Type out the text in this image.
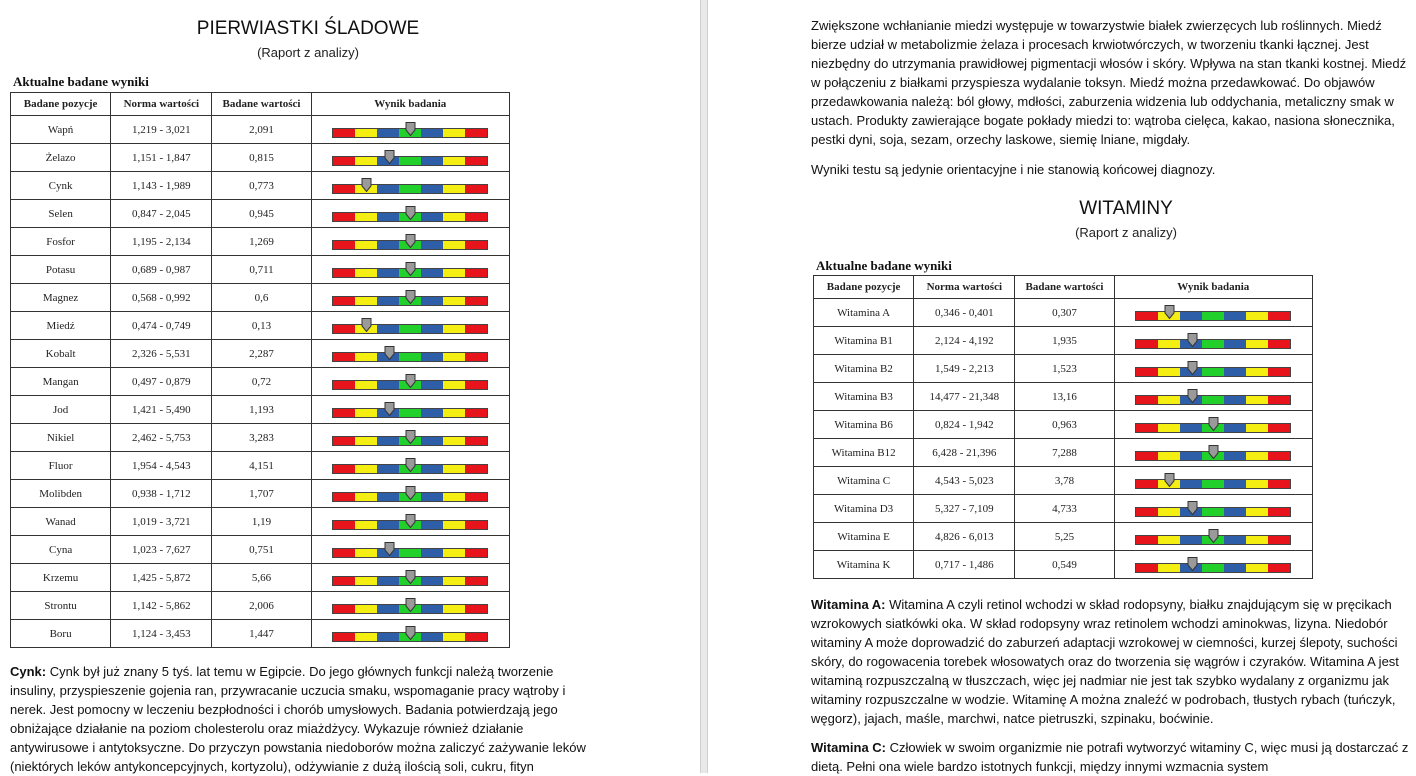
PIERWIASTKI ŚLADOWE
(Raport z analizy)
Aktualne badane wyniki
Badane pozycje	Norma wartości	Badane wartości	Wynik badania
Wapń	1,219 - 3,021	2,091	

Żelazo	1,151 - 1,847	0,815	

Cynk	1,143 - 1,989	0,773	

Selen	0,847 - 2,045	0,945	

Fosfor	1,195 - 2,134	1,269	

Potasu	0,689 - 0,987	0,711	

Magnez	0,568 - 0,992	0,6	

Miedź	0,474 - 0,749	0,13	

Kobalt	2,326 - 5,531	2,287	

Mangan	0,497 - 0,879	0,72	

Jod	1,421 - 5,490	1,193	

Nikiel	2,462 - 5,753	3,283	

Fluor	1,954 - 4,543	4,151	

Molibden	0,938 - 1,712	1,707	

Wanad	1,019 - 3,721	1,19	

Cyna	1,023 - 7,627	0,751	

Krzemu	1,425 - 5,872	5,66	

Strontu	1,142 - 5,862	2,006	

Boru	1,124 - 3,453	1,447	
Cynk: Cynk był już znany 5 tyś. lat temu w Egipcie. Do jego głównych funkcji należą tworzenie insuliny, przyspieszenie gojenia ran, przywracanie uczucia smaku, wspomaganie pracy wątroby i nerek. Jest pomocny w leczeniu bezpłodności i chorób umysłowych. Badania potwierdzają jego obniżające działanie na poziom cholesterolu oraz miażdżycy. Wykazuje również działanie antywirusowe i antytoksyczne. Do przyczyn powstania niedoborów można zaliczyć zażywanie leków (niektórych leków antykoncepcyjnych, kortyzolu), odżywianie z dużą ilością soli, cukru, fityn
Zwiększone wchłanianie miedzi występuje w towarzystwie białek zwierzęcych lub roślinnych. Miedź bierze udział w metabolizmie żelaza i procesach krwiotwórczych, w tworzeniu tkanki łącznej. Jest niezbędny do utrzymania prawidłowej pigmentacji włosów i skóry. Wpływa na stan tkanki kostnej. Miedź w połączeniu z białkami przyspiesza wydalanie toksyn. Miedź można przedawkować. Do objawów przedawkowania należą: ból głowy, mdłości, zaburzenia widzenia lub oddychania, metaliczny smak w ustach. Produkty zawierające bogate pokłady miedzi to: wątroba cielęca, kakao, nasiona słonecznika, pestki dyni, soja, sezam, orzechy laskowe, siemię lniane, migdały.
Wyniki testu są jedynie orientacyjne i nie stanowią końcowej diagnozy.
WITAMINY
(Raport z analizy)
Aktualne badane wyniki
Badane pozycje	Norma wartości	Badane wartości	Wynik badania
Witamina A	0,346 - 0,401	0,307	

Witamina B1	2,124 - 4,192	1,935	

Witamina B2	1,549 - 2,213	1,523	

Witamina B3	14,477 - 21,348	13,16	

Witamina B6	0,824 - 1,942	0,963	

Witamina B12	6,428 - 21,396	7,288	

Witamina C	4,543 - 5,023	3,78	

Witamina D3	5,327 - 7,109	4,733	

Witamina E	4,826 - 6,013	5,25	

Witamina K	0,717 - 1,486	0,549	
Witamina A: Witamina A czyli retinol wchodzi w skład rodopsyny, białku znajdującym się w pręcikach wzrokowych siatkówki oka. W skład rodopsyny wraz retinolem wchodzi aminokwas, lizyna. Niedobór witaminy A może doprowadzić do zaburzeń adaptacji wzrokowej w ciemności, kurzej ślepoty, suchości skóry, do rogowacenia torebek włosowatych oraz do tworzenia się wągrów i czyraków. Witamina A jest witaminą rozpuszczalną w tłuszczach, więc jej nadmiar nie jest tak szybko wydalany z organizmu jak witaminy rozpuszczalne w wodzie. Witaminę A można znaleźć w podrobach, tłustych rybach (tuńczyk, węgorz), jajach, maśle, marchwi, natce pietruszki, szpinaku, boćwinie.
Witamina C: Człowiek w swoim organizmie nie potrafi wytworzyć witaminy C, więc musi ją dostarczać z dietą. Pełni ona wiele bardzo istotnych funkcji, między innymi wzmacnia system
